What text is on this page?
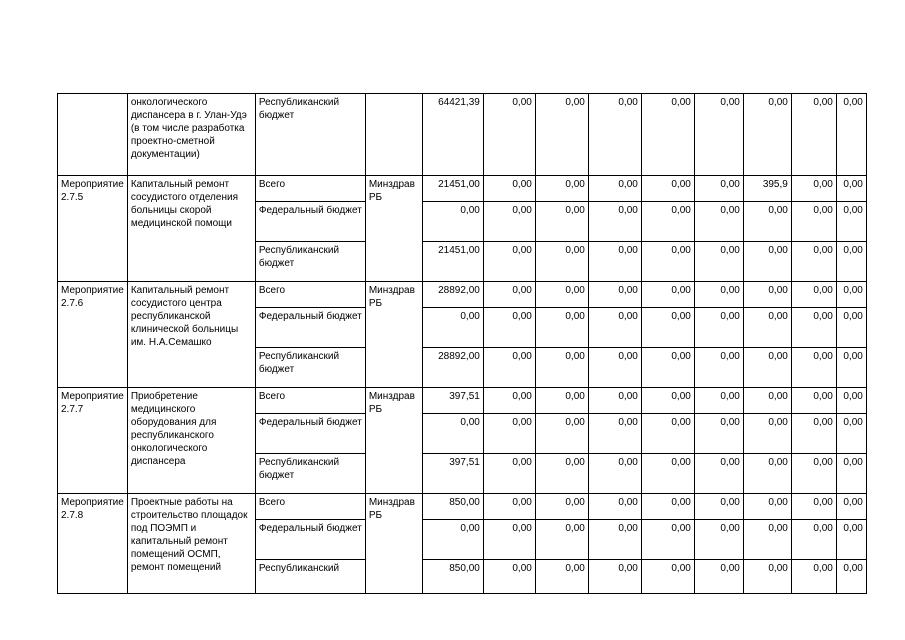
	онкологического диспансера в г. Улан-Удэ (в том числе разработка проектно-сметной документации)	Республиканский бюджет		64421,39	0,00	0,00	0,00	0,00	0,00	0,00	0,00	0,00
Мероприятие 2.7.5	Капитальный ремонт сосудистого отделения больницы скорой медицинской помощи	Всего	Минздрав РБ	21451,00	0,00	0,00	0,00	0,00	0,00	395,9	0,00	0,00
		Федеральный бюджет		0,00	0,00	0,00	0,00	0,00	0,00	0,00	0,00	0,00
		Республиканский бюджет		21451,00	0,00	0,00	0,00	0,00	0,00	0,00	0,00	0,00
Мероприятие 2.7.6	Капитальный ремонт сосудистого центра республиканской клинической больницы им. Н.А.Семашко	Всего	Минздрав РБ	28892,00	0,00	0,00	0,00	0,00	0,00	0,00	0,00	0,00
		Федеральный бюджет		0,00	0,00	0,00	0,00	0,00	0,00	0,00	0,00	0,00
		Республиканский бюджет		28892,00	0,00	0,00	0,00	0,00	0,00	0,00	0,00	0,00
Мероприятие 2.7.7	Приобретение медицинского оборудования для республиканского онкологического диспансера	Всего	Минздрав РБ	397,51	0,00	0,00	0,00	0,00	0,00	0,00	0,00	0,00
		Федеральный бюджет		0,00	0,00	0,00	0,00	0,00	0,00	0,00	0,00	0,00
		Республиканский бюджет		397,51	0,00	0,00	0,00	0,00	0,00	0,00	0,00	0,00
Мероприятие 2.7.8	Проектные работы на строительство площадок под ПОЭМП и капитальный ремонт помещений ОСМП, ремонт помещений	Всего	Минздрав РБ	850,00	0,00	0,00	0,00	0,00	0,00	0,00	0,00	0,00
		Федеральный бюджет		0,00	0,00	0,00	0,00	0,00	0,00	0,00	0,00	0,00
		Республиканский		850,00	0,00	0,00	0,00	0,00	0,00	0,00	0,00	0,00
